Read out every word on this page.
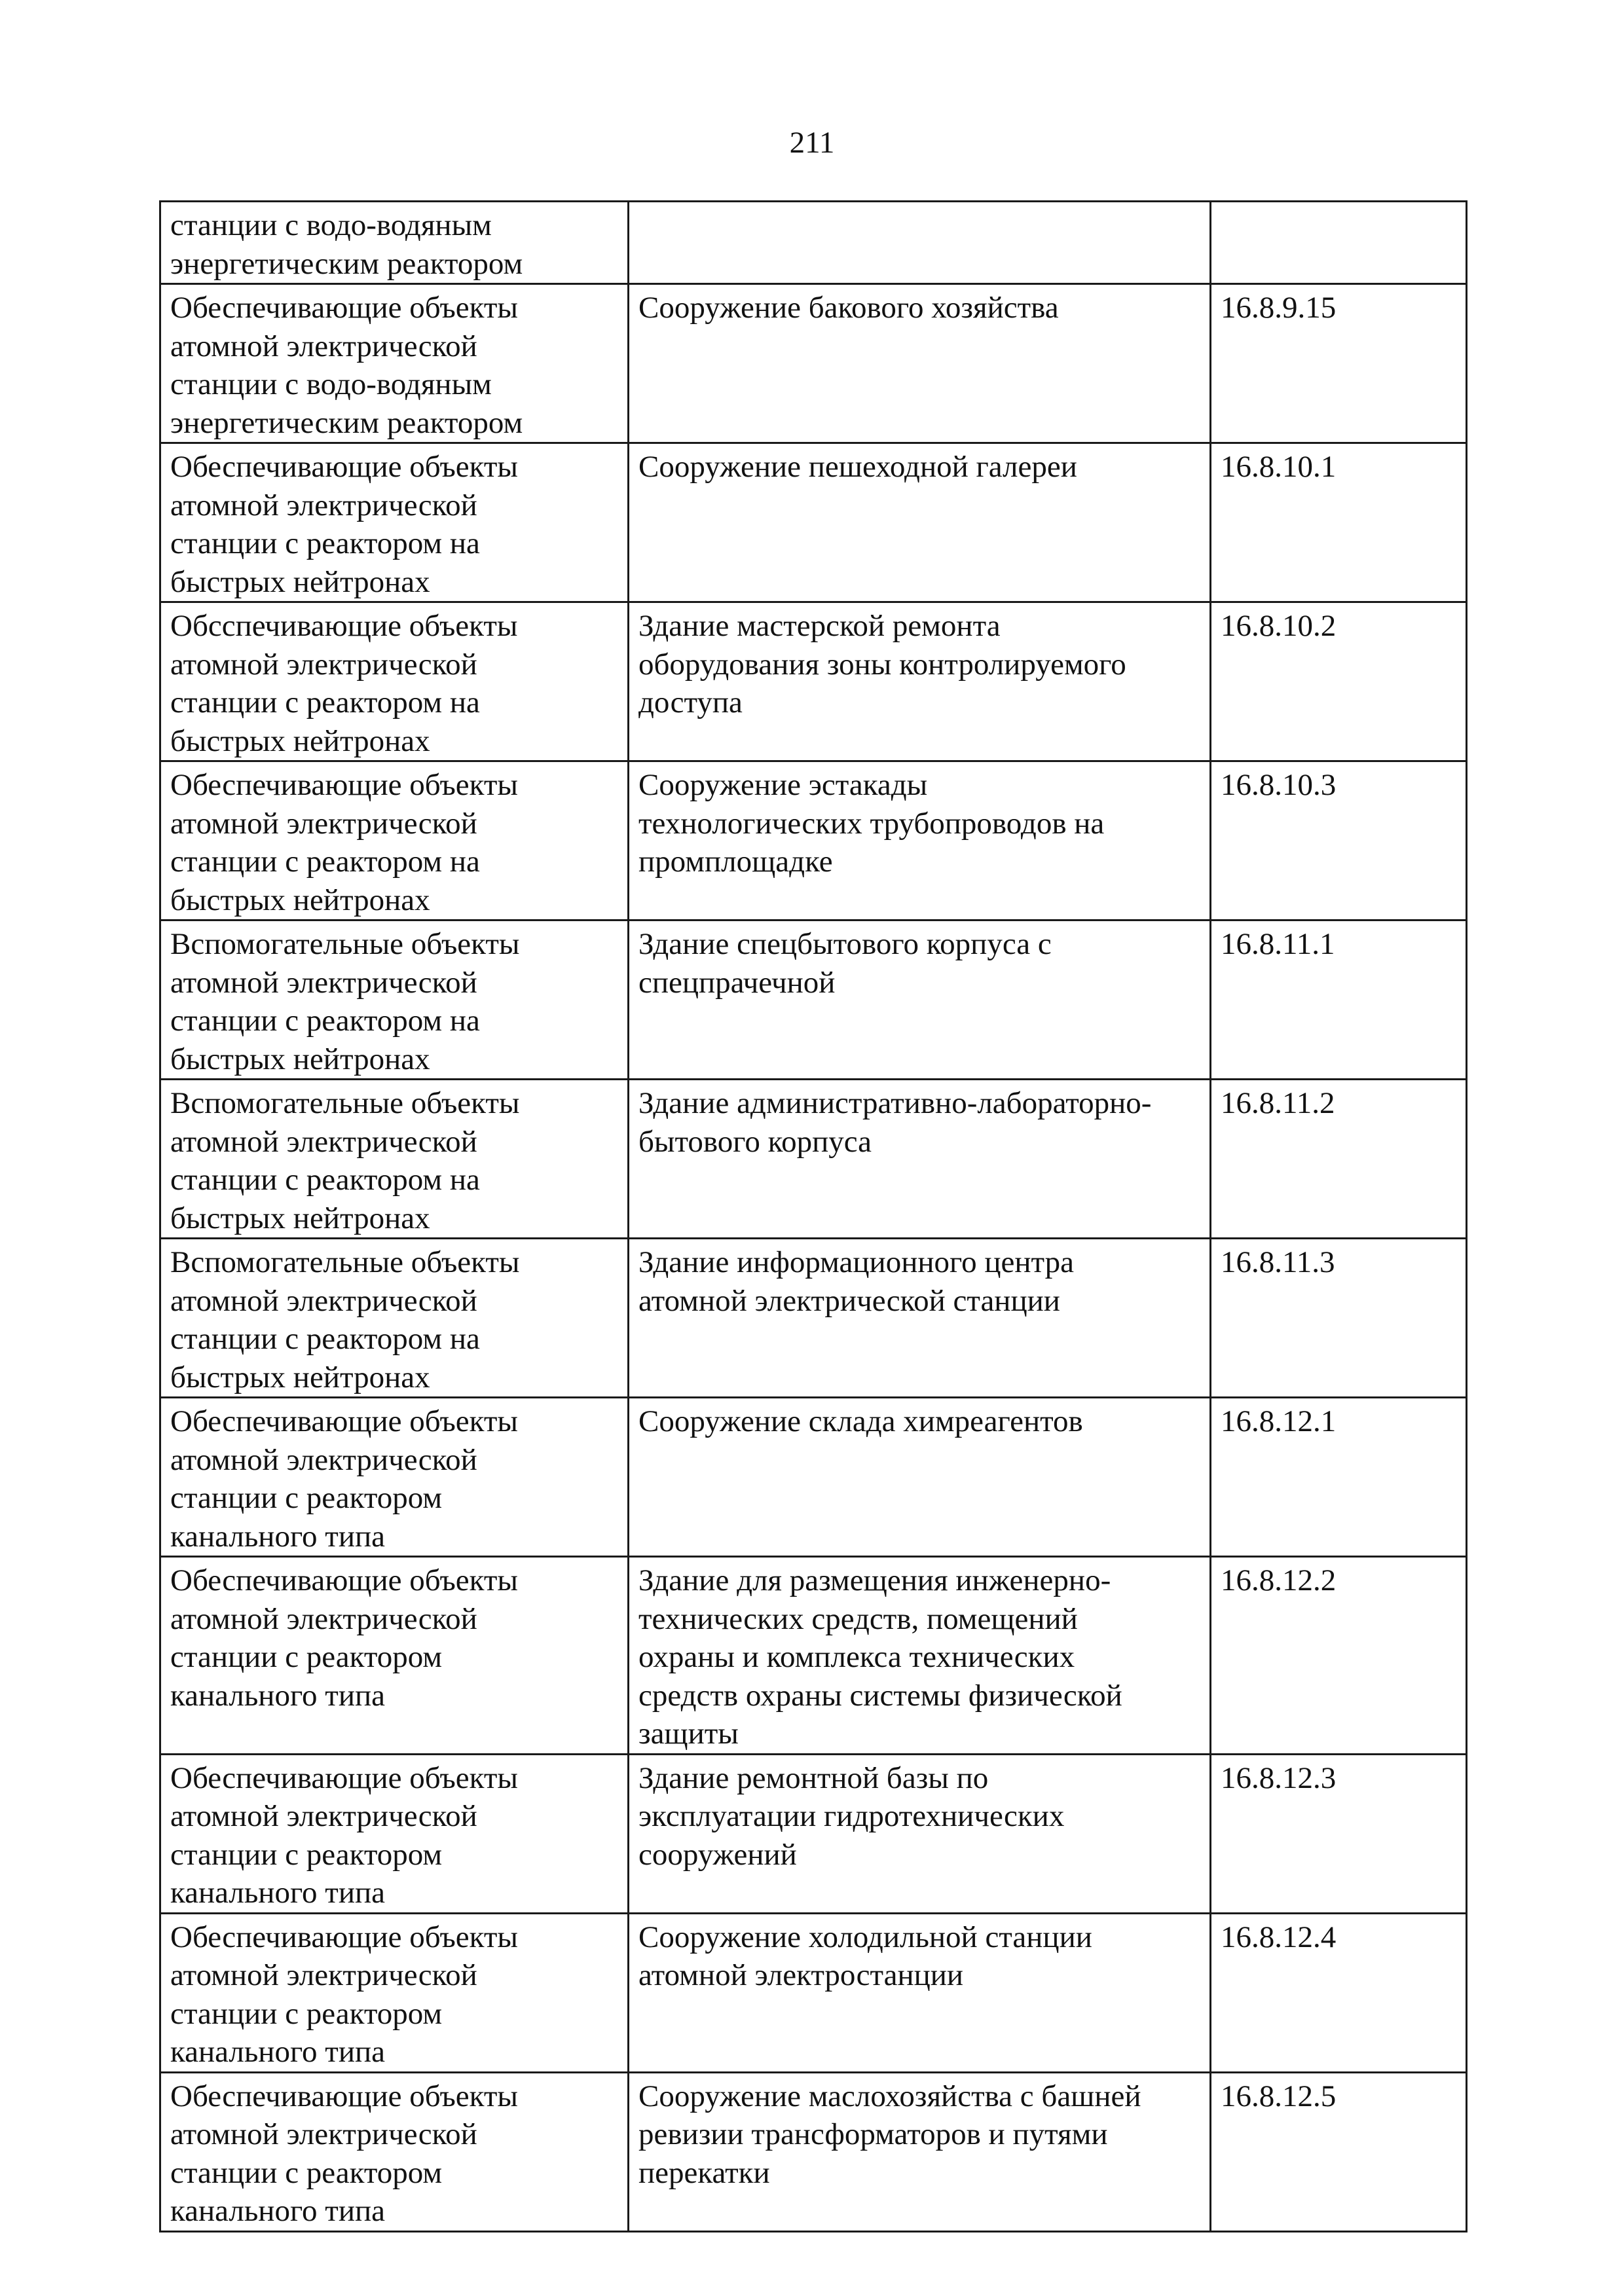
211
станции с водо-водяным
энергетическим реактором		
Обеспечивающие объекты
атомной электрической
станции с водо-водяным
энергетическим реактором	Сооружение бакового хозяйства	16.8.9.15
Обеспечивающие объекты
атомной электрической
станции с реактором на
быстрых нейтронах	Сооружение пешеходной галереи	16.8.10.1
Обсспечивающие объекты
атомной электрической
станции с реактором на
быстрых нейтронах	Здание мастерской ремонта
оборудования зоны контролируемого
доступа	16.8.10.2
Обеспечивающие объекты
атомной электрической
станции с реактором на
быстрых нейтронах	Сооружение эстакады
технологических трубопроводов на
промплощадке	16.8.10.3
Вспомогательные объекты
атомной электрической
станции с реактором на
быстрых нейтронах	Здание спецбытового корпуса с
спецпрачечной	16.8.11.1
Вспомогательные объекты
атомной электрической
станции с реактором на
быстрых нейтронах	Здание административно-лабораторно-
бытового корпуса	16.8.11.2
Вспомогательные объекты
атомной электрической
станции с реактором на
быстрых нейтронах	Здание информационного центра
атомной электрической станции	16.8.11.3
Обеспечивающие объекты
атомной электрической
станции с реактором
канального типа	Сооружение склада химреагентов	16.8.12.1
Обеспечивающие объекты
атомной электрической
станции с реактором
канального типа	Здание для размещения инженерно-
технических средств, помещений
охраны и комплекса технических
средств охраны системы физической
защиты	16.8.12.2
Обеспечивающие объекты
атомной электрической
станции с реактором
канального типа	Здание ремонтной базы по
эксплуатации гидротехнических
сооружений	16.8.12.3
Обеспечивающие объекты
атомной электрической
станции с реактором
канального типа	Сооружение холодильной станции
атомной электростанции	16.8.12.4
Обеспечивающие объекты
атомной электрической
станции с реактором
канального типа	Сооружение маслохозяйства с башней
ревизии трансформаторов и путями
перекатки	16.8.12.5
